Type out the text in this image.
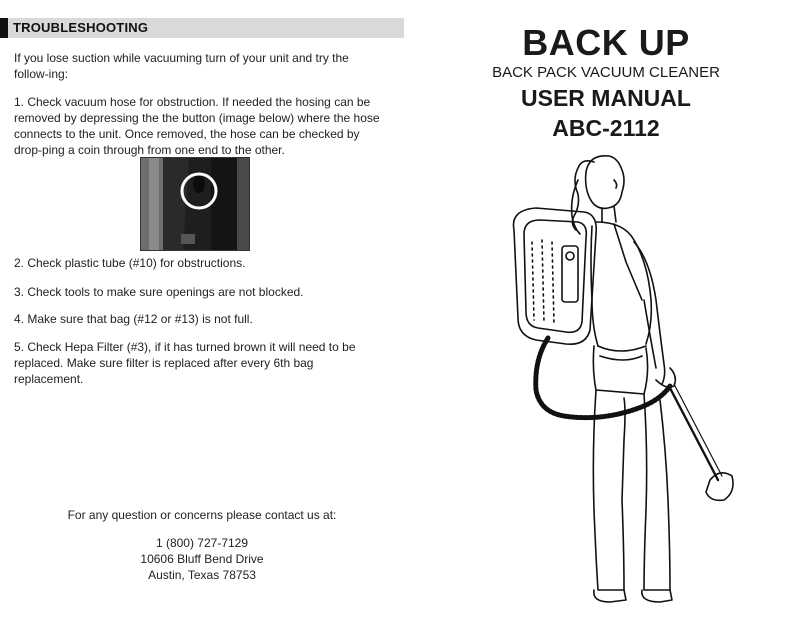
TROUBLESHOOTING

If you lose suction while vacuuming turn of your unit and try the follow-ing:

1. Check vacuum hose for obstruction. If needed the hosing can be removed by depressing the the button (image below) where the hose connects to the unit. Once removed, the hose can be checked by drop-ping a coin through from one end to the other.

2. Check plastic tube (#10) for obstructions.

3. Check tools to make sure openings are not blocked.

4. Make sure that bag (#12 or #13) is not full.

5. Check Hepa Filter (#3), if it has turned brown it will need to be replaced. Make sure filter is replaced after every 6th bag replacement.

For any question or concerns please contact us at:

1 (800) 727-7129

10606 Bluff Bend Drive

Austin, Texas 78753

BACK UP
BACK PACK VACUUM CLEANER
USER MANUAL
ABC-2112
